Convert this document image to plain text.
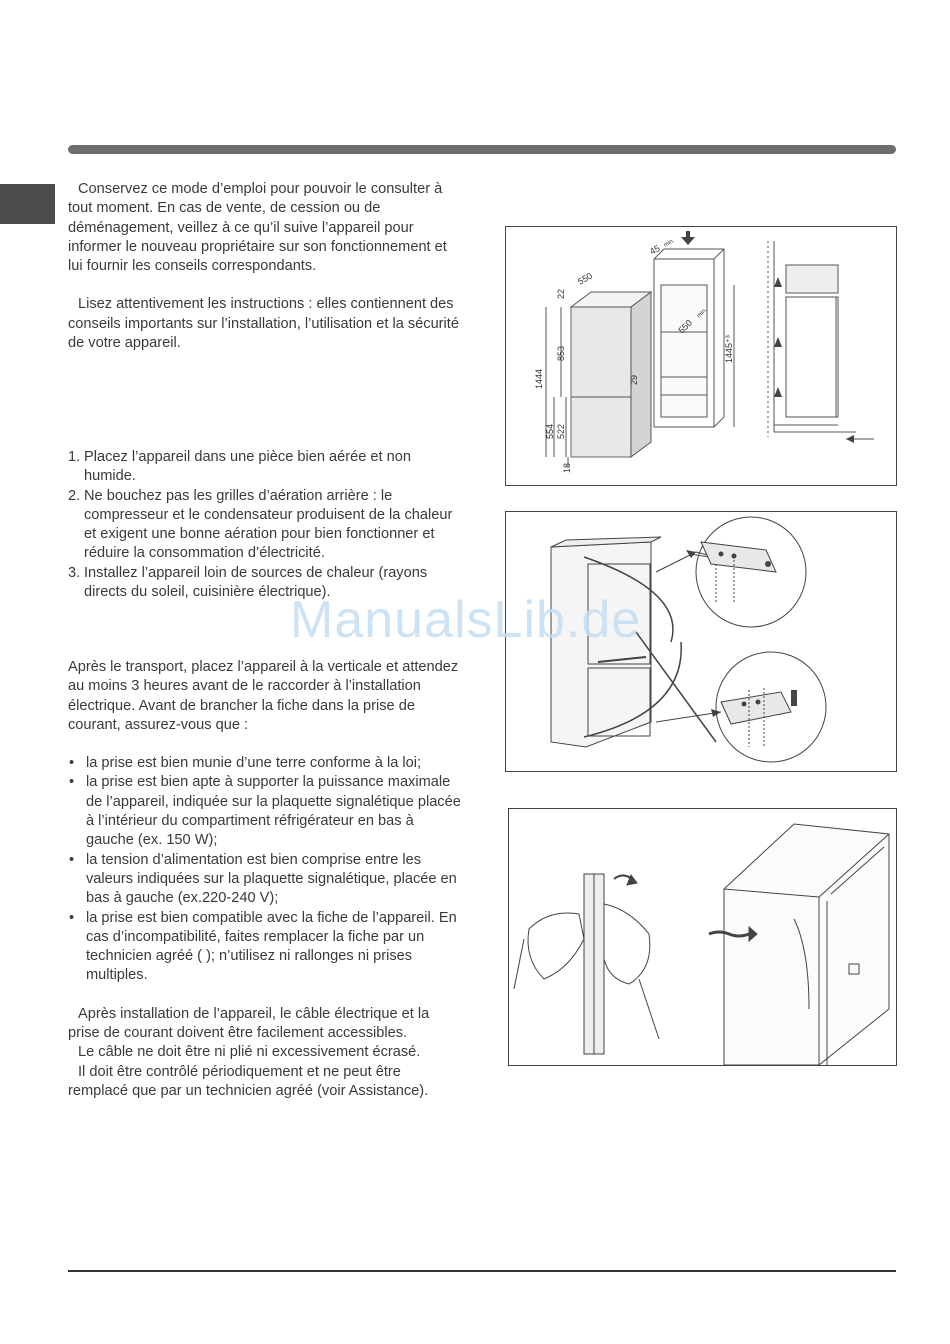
Conservez ce mode d’emploi pour pouvoir le consulter à tout moment. En cas de vente, de cession ou de déménagement, veillez à ce qu’il suive l’appareil pour informer le nouveau propriétaire sur son fonctionnement et lui fournir les conseils correspondants.

Lisez attentivement les instructions : elles contiennent des conseils importants sur l’installation, l’utilisation et la sécurité de votre appareil.

1. Placez l’appareil dans une pièce bien aérée et non humide.
2. Ne bouchez pas les grilles d’aération arrière : le compresseur et le condensateur produisent de la chaleur et exigent une bonne aération pour bien fonctionner et réduire la consommation d’électricité.
3. Installez l’appareil loin de sources de chaleur (rayons directs du soleil, cuisinière électrique).

Après le transport, placez l’appareil à la verticale et attendez au moins 3 heures avant de le raccorder à l’installation électrique. Avant de brancher la fiche dans la prise de courant, assurez-vous que :

• la prise est bien munie d’une terre conforme à la loi;
• la prise est bien apte à supporter la puissance maximale de l’appareil, indiquée sur la plaquette signalétique placée à l’intérieur du compartiment réfrigérateur en bas à gauche (ex. 150 W);
• la tension d’alimentation est bien comprise entre les valeurs indiquées sur la plaquette signalétique, placée en bas à gauche (ex.220-240 V);
• la prise est bien compatible avec la fiche de l’appareil. En cas d’incompatibilité, faites remplacer la fiche par un technicien agréé ( ); n’utilisez ni rallonges ni prises multiples.

Après installation de l’appareil, le câble électrique et la prise de courant doivent être facilement accessibles.

Le câble ne doit être ni plié ni excessivement écrasé.

Il doit être contrôlé périodiquement et ne peut être remplacé que par un technicien agréé (voir Assistance).

550
22
45 min.
1444
853
29
550
min.
1445⁺³
554 522
18
ManualsLib.de
